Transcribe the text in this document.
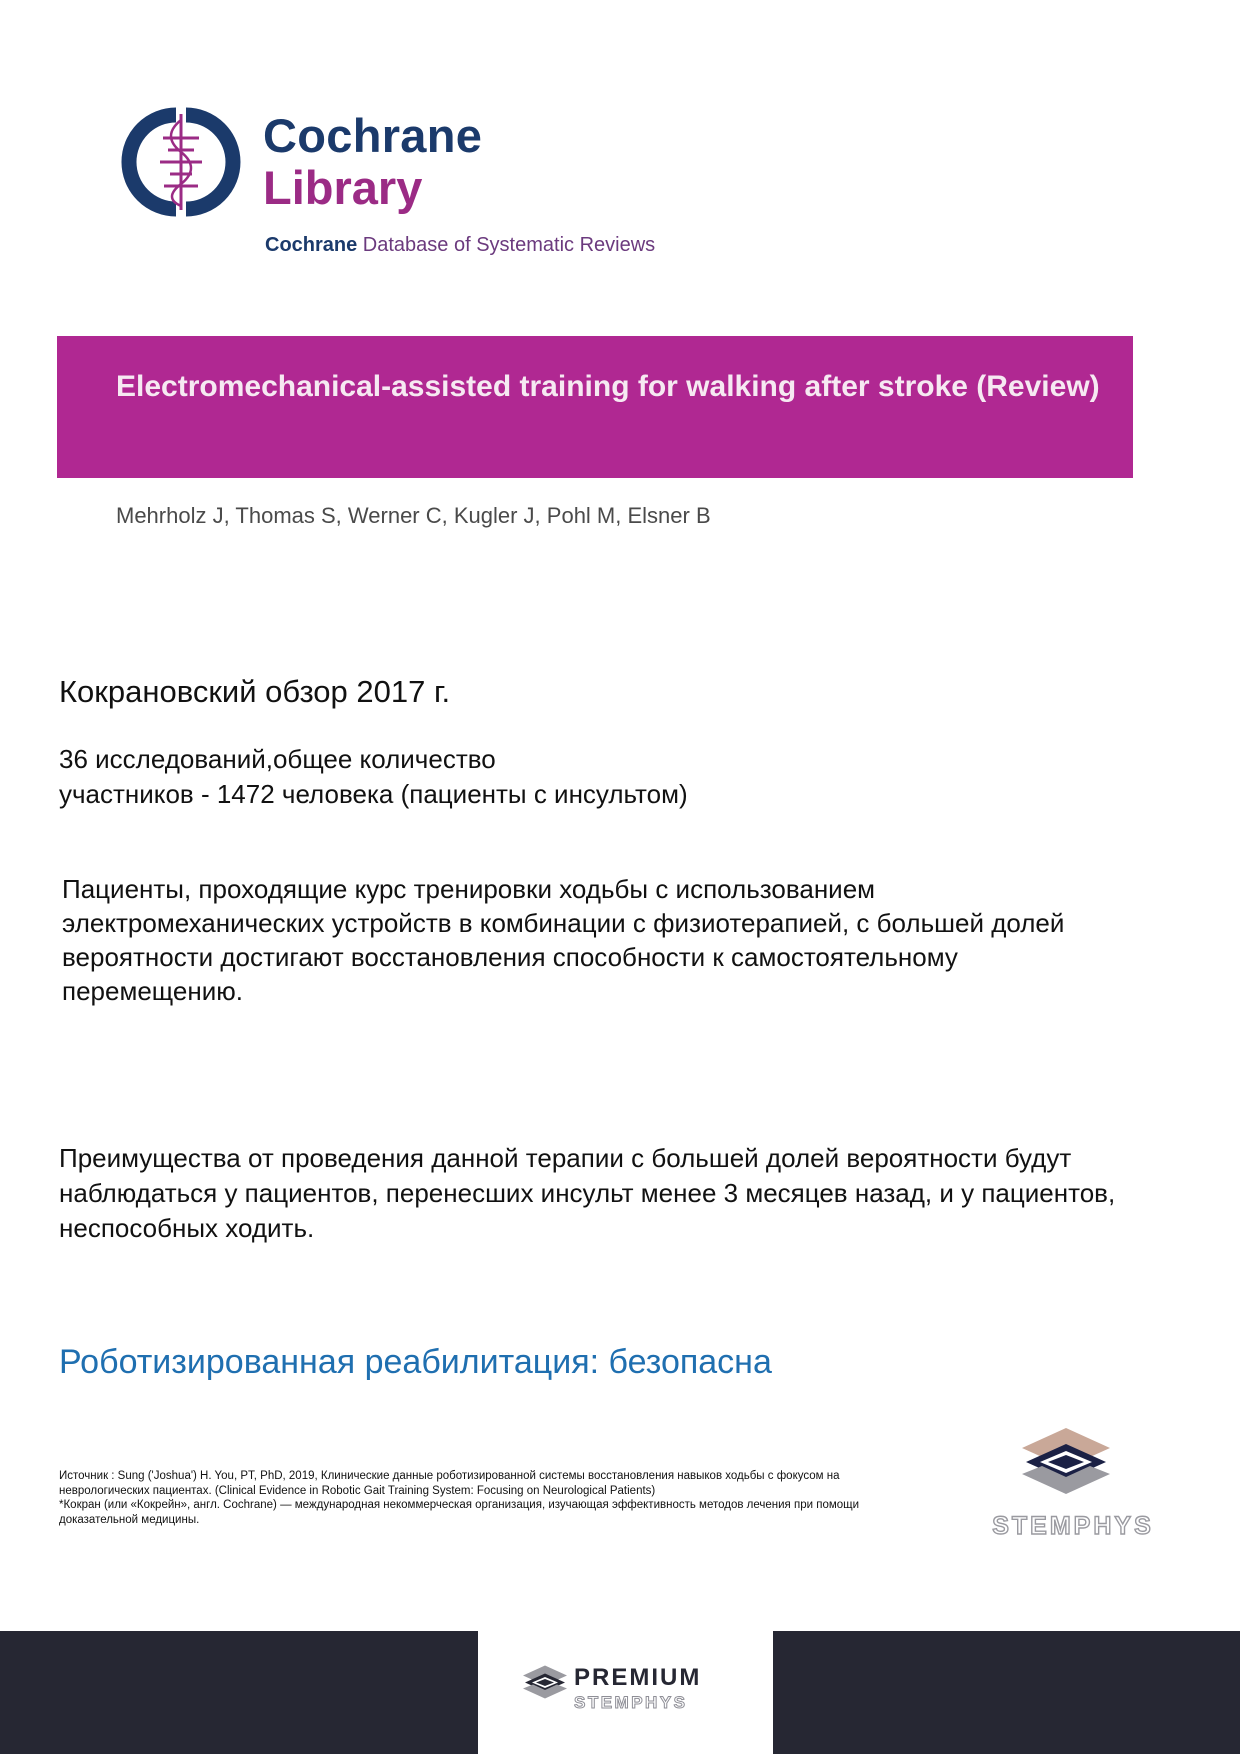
Cochrane
Library
Cochrane Database of Systematic Reviews
Electromechanical-assisted training for walking after stroke (Review)
Mehrholz J, Thomas S, Werner C, Kugler J, Pohl M, Elsner B
Кокрановский обзор 2017 г.
36 исследований,общее количество
участников - 1472 человека (пациенты с инсультом)
Пациенты, проходящие курс тренировки ходьбы с использованием электромеханических устройств в комбинации с физиотерапией, с большей долей вероятности достигают восстановления способности к самостоятельному перемещению.
Преимущества от проведения данной терапии с большей долей вероятности будут наблюдаться у пациентов, перенесших инсульт менее 3 месяцев назад, и у пациентов, неспособных ходить.
Роботизированная реабилитация: безопасна
Источник : Sung ('Joshua') H. You, PT, PhD, 2019, Клинические данные роботизированной системы восстановления навыков ходьбы с фокусом на неврологических пациентах. (Clinical Evidence in Robotic Gait Training System: Focusing on Neurological Patients)
*Кокран (или «Кокрейн», англ. Cochrane) — международная некоммерческая организация, изучающая эффективность методов лечения при помощи доказательной медицины.	STEMPHYS
PREMIUM
STEMPHYS
